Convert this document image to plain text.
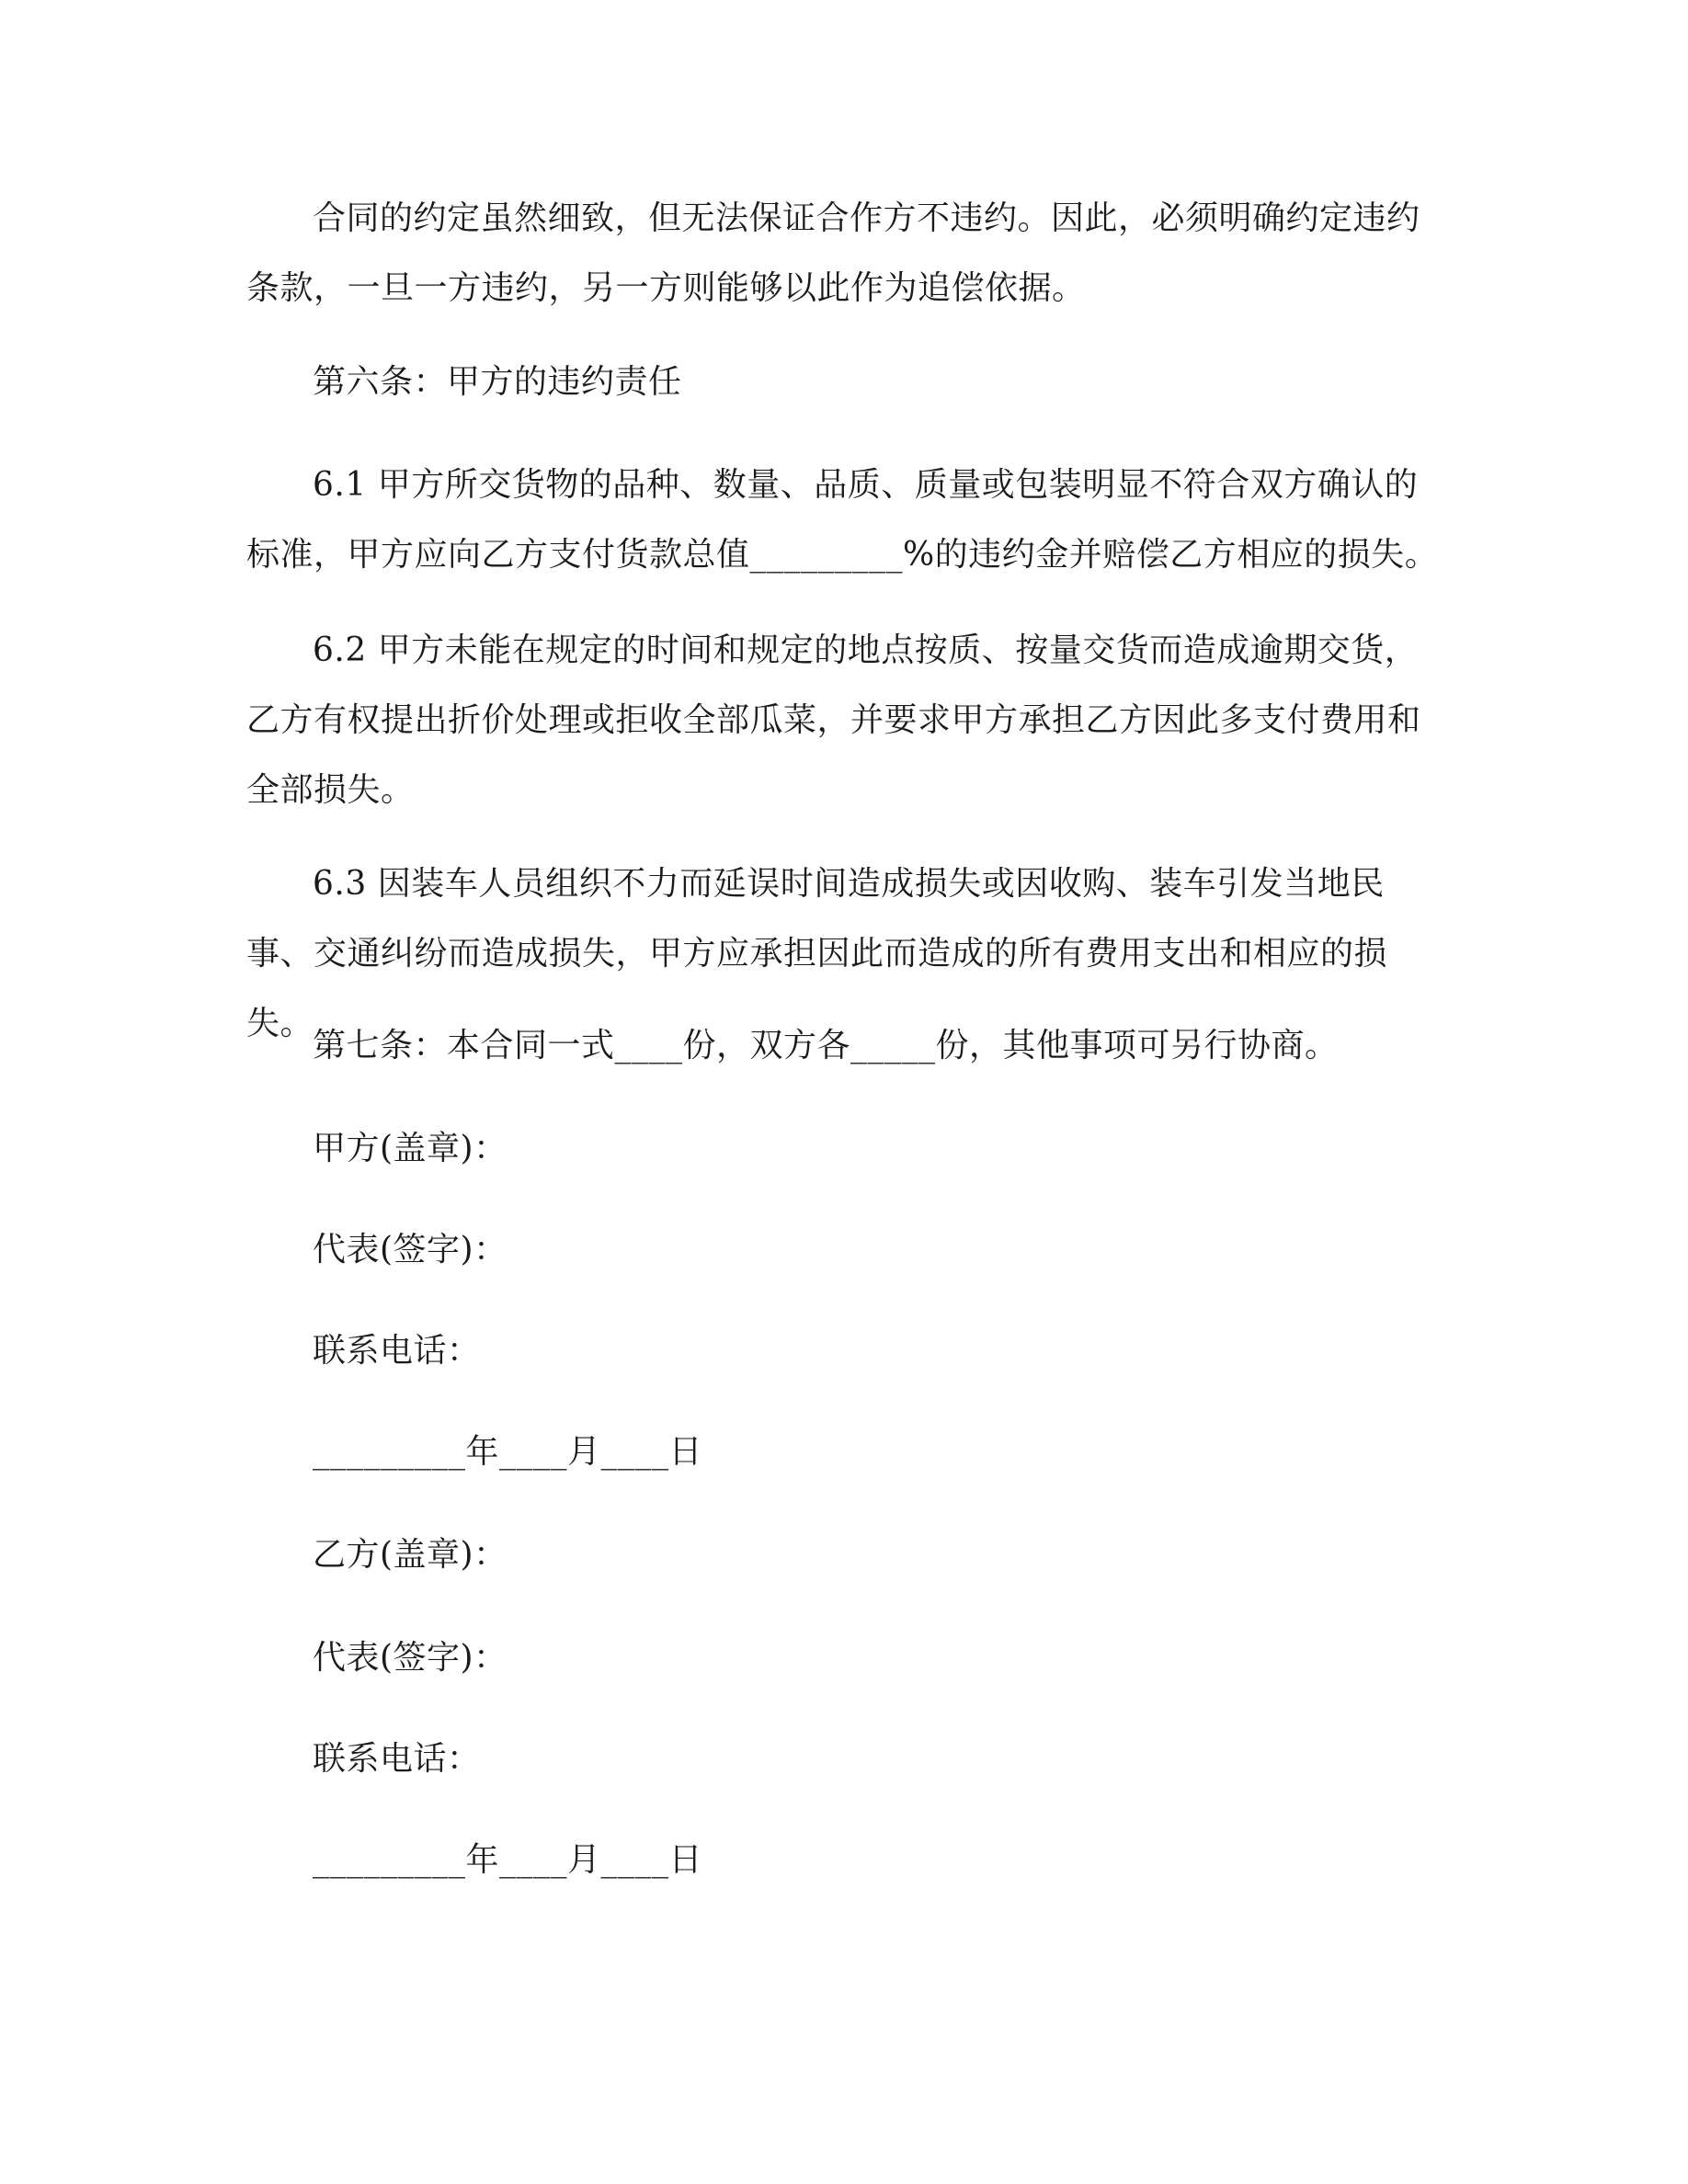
合同的约定虽然细致，但无法保证合作方不违约。因此，必须明确约定违约条款，一旦一方违约，另一方则能够以此作为追偿依据。

第六条：甲方的违约责任

6.1 甲方所交货物的品种、数量、品质、质量或包装明显不符合双方确认的标准，甲方应向乙方支付货款总值_________%的违约金并赔偿乙方相应的损失。

6.2 甲方未能在规定的时间和规定的地点按质、按量交货而造成逾期交货，乙方有权提出折价处理或拒收全部瓜菜，并要求甲方承担乙方因此多支付费用和全部损失。

6.3 因装车人员组织不力而延误时间造成损失或因收购、装车引发当地民事、交通纠纷而造成损失，甲方应承担因此而造成的所有费用支出和相应的损失。

第七条：本合同一式____份，双方各_____份，其他事项可另行协商。

甲方(盖章)：

代表(签字)：

联系电话：

_________年____月____日

乙方(盖章)：

代表(签字)：

联系电话：

_________年____月____日
